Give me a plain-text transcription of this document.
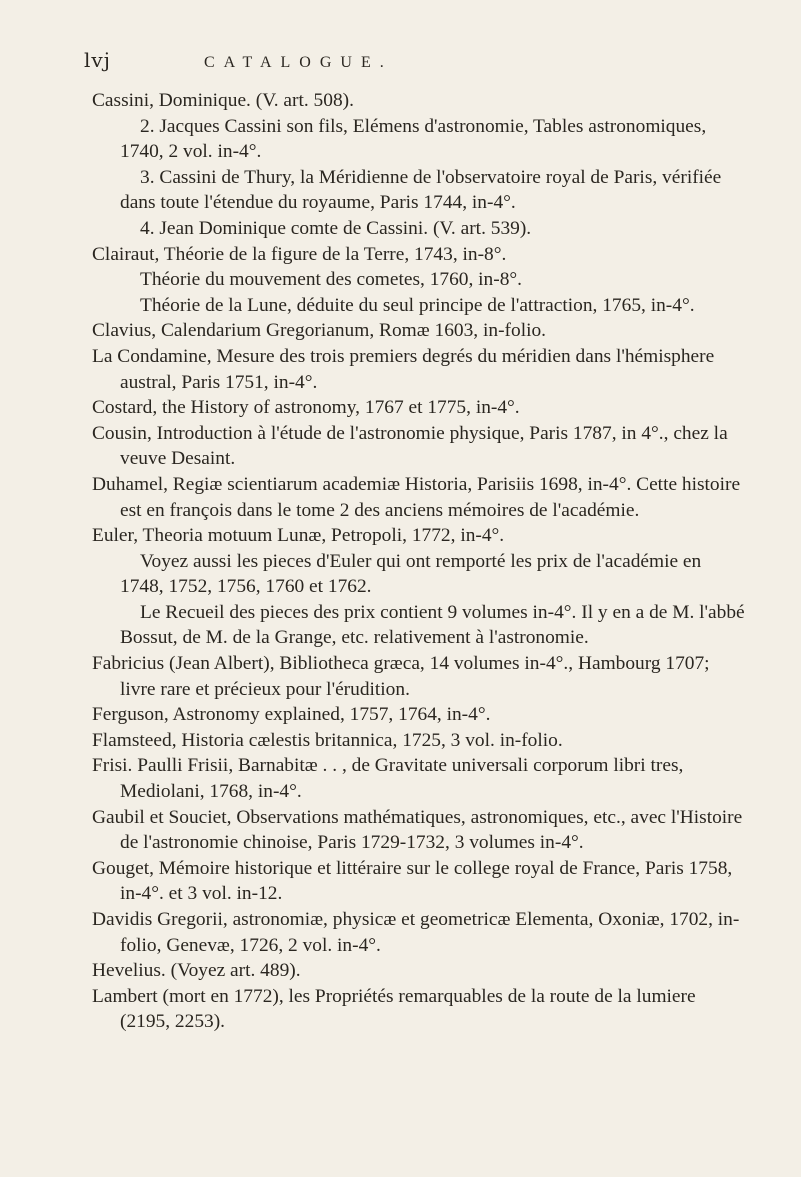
lvj	CATALOGUE.

Cassini, Dominique. (V. art. 508).

2. Jacques Cassini son fils, Elémens d'astronomie, Tables astronomiques, 1740, 2 vol. in-4°.

3. Cassini de Thury, la Méridienne de l'observatoire royal de Paris, vérifiée dans toute l'étendue du royaume, Paris 1744, in-4°.

4. Jean Dominique comte de Cassini. (V. art. 539).

Clairaut, Théorie de la figure de la Terre, 1743, in-8°.

Théorie du mouvement des cometes, 1760, in-8°.

Théorie de la Lune, déduite du seul principe de l'attraction, 1765, in-4°.

Clavius, Calendarium Gregorianum, Romæ 1603, in-folio.

La Condamine, Mesure des trois premiers degrés du méridien dans l'hémisphere austral, Paris 1751, in-4°.

Costard, the History of astronomy, 1767 et 1775, in-4°.

Cousin, Introduction à l'étude de l'astronomie physique, Paris 1787, in 4°., chez la veuve Desaint.

Duhamel, Regiæ scientiarum academiæ Historia, Parisiis 1698, in-4°. Cette histoire est en françois dans le tome 2 des anciens mémoires de l'académie.

Euler, Theoria motuum Lunæ, Petropoli, 1772, in-4°.

Voyez aussi les pieces d'Euler qui ont remporté les prix de l'académie en 1748, 1752, 1756, 1760 et 1762.

Le Recueil des pieces des prix contient 9 volumes in-4°. Il y en a de M. l'abbé Bossut, de M. de la Grange, etc. relativement à l'astronomie.

Fabricius (Jean Albert), Bibliotheca græca, 14 volumes in-4°., Hambourg 1707; livre rare et précieux pour l'érudition.

Ferguson, Astronomy explained, 1757, 1764, in-4°.

Flamsteed, Historia cælestis britannica, 1725, 3 vol. in-folio.

Frisi. Paulli Frisii, Barnabitæ . . , de Gravitate universali corporum libri tres, Mediolani, 1768, in-4°.

Gaubil et Souciet, Observations mathématiques, astronomiques, etc., avec l'Histoire de l'astronomie chinoise, Paris 1729-1732, 3 volumes in-4°.

Gouget, Mémoire historique et littéraire sur le college royal de France, Paris 1758, in-4°. et 3 vol. in-12.

Davidis Gregorii, astronomiæ, physicæ et geometricæ Elementa, Oxoniæ, 1702, in-folio, Genevæ, 1726, 2 vol. in-4°.

Hevelius. (Voyez art. 489).

Lambert (mort en 1772), les Propriétés remarquables de la route de la lumiere (2195, 2253).
